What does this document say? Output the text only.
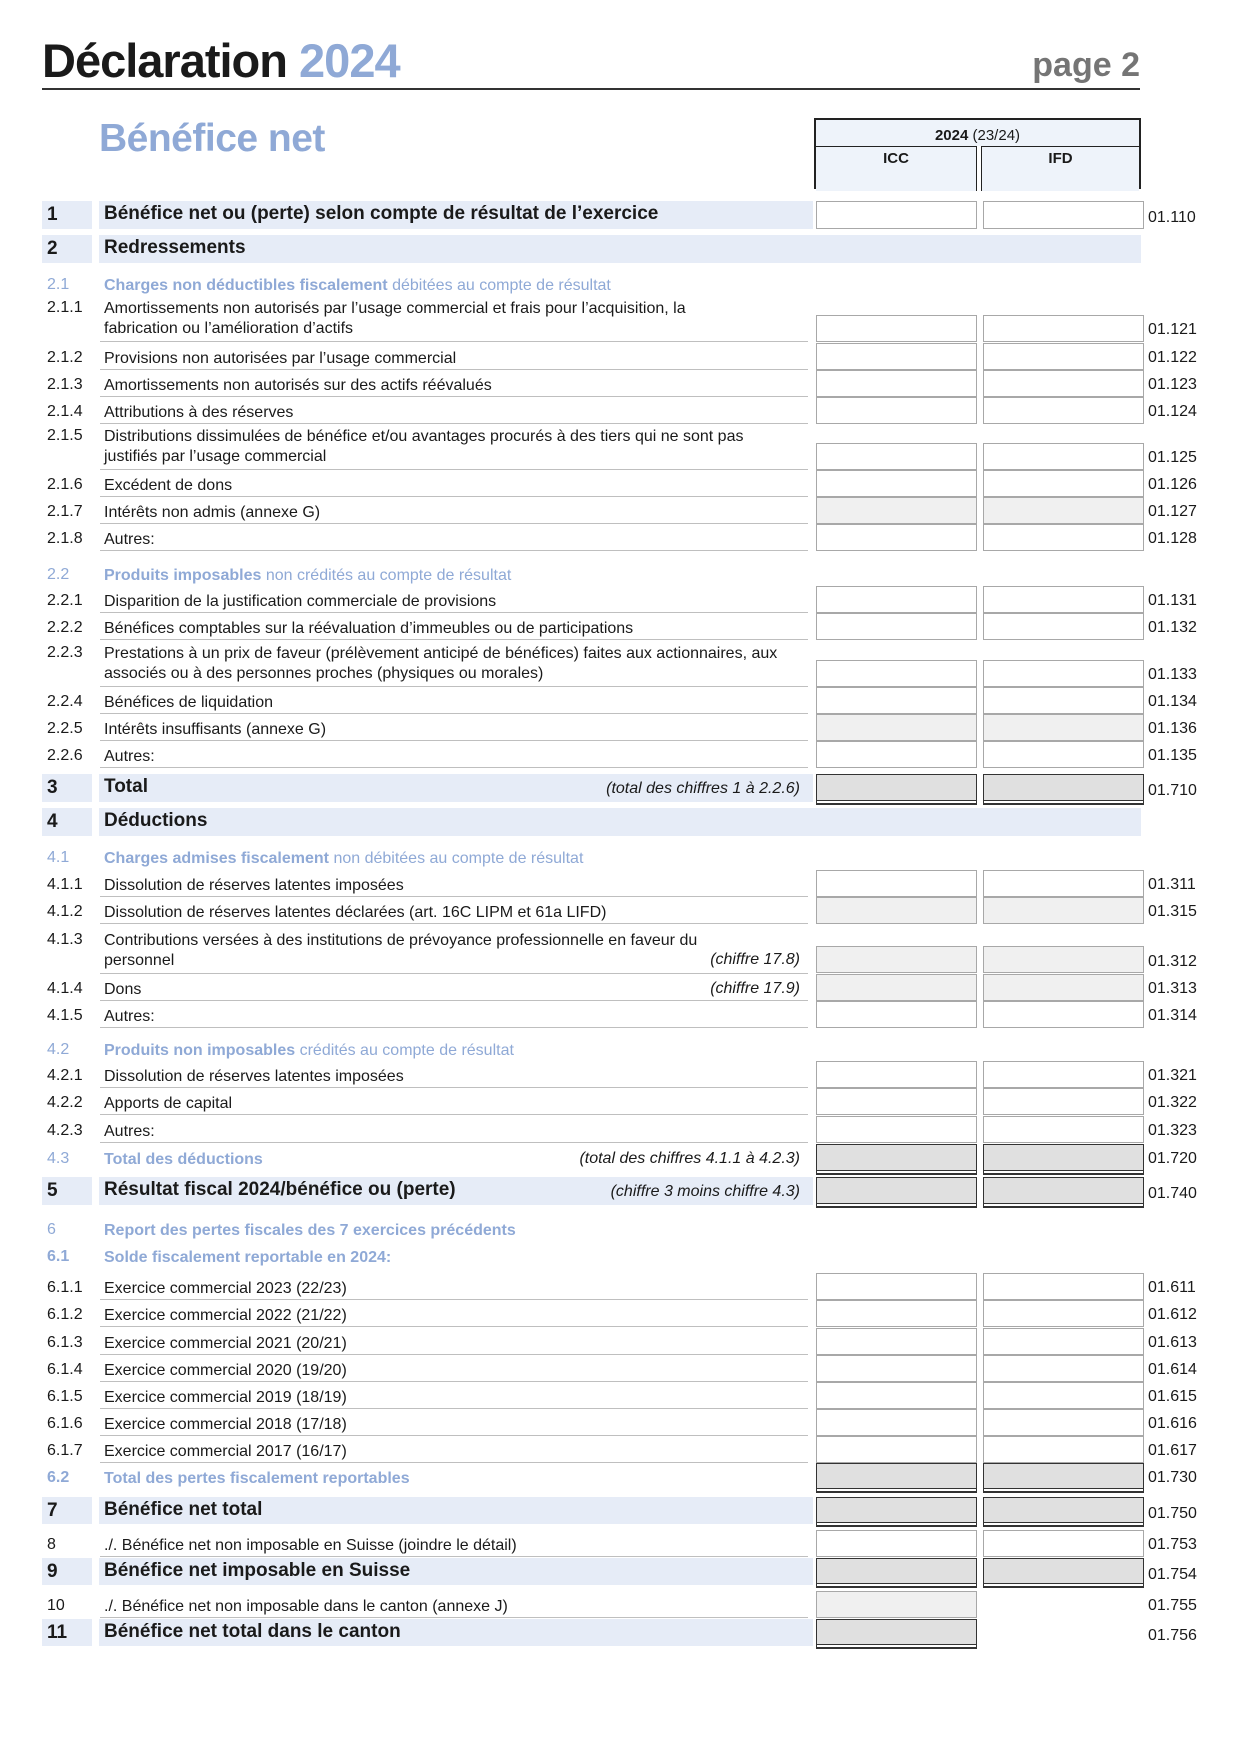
Déclaration 2024	page 2
Bénéfice net	2024 (23/24)
ICC	IFD
1 Bénéfice net ou (perte) selon compte de résultat de l’exercice	01.110
2 Redressements
2.1 Charges non déductibles fiscalement débitées au compte de résultat
2.1.1 Amortissements non autorisés par l’usage commercial et frais pour l’acquisition, la fabrication ou l’amélioration d’actifs	01.121
2.1.2 Provisions non autorisées par l’usage commercial	01.122
2.1.3 Amortissements non autorisés sur des actifs réévalués	01.123
2.1.4 Attributions à des réserves	01.124
2.1.5 Distributions dissimulées de bénéfice et/ou avantages procurés à des tiers qui ne sont pas justifiés par l’usage commercial	01.125
2.1.6 Excédent de dons	01.126
2.1.7 Intérêts non admis (annexe G)	01.127
2.1.8 Autres:	01.128
2.2 Produits imposables non crédités au compte de résultat
2.2.1 Disparition de la justification commerciale de provisions	01.131
2.2.2 Bénéfices comptables sur la réévaluation d’immeubles ou de participations	01.132
2.2.3 Prestations à un prix de faveur (prélèvement anticipé de bénéfices) faites aux actionnaires, aux associés ou à des personnes proches (physiques ou morales)	01.133
2.2.4 Bénéfices de liquidation	01.134
2.2.5 Intérêts insuffisants (annexe G)	01.136
2.2.6 Autres:	01.135
3 Total	(total des chiffres 1 à 2.2.6)	01.710
4 Déductions
4.1 Charges admises fiscalement non débitées au compte de résultat
4.1.1 Dissolution de réserves latentes imposées	01.311
4.1.2 Dissolution de réserves latentes déclarées (art. 16C LIPM et 61a LIFD)	01.315
4.1.3 Contributions versées à des institutions de prévoyance professionnelle en faveur du personnel	(chiffre 17.8)	01.312
4.1.4 Dons	(chiffre 17.9)	01.313
4.1.5 Autres:	01.314
4.2 Produits non imposables crédités au compte de résultat
4.2.1 Dissolution de réserves latentes imposées	01.321
4.2.2 Apports de capital	01.322
4.2.3 Autres:	01.323
4.3 Total des déductions	(total des chiffres 4.1.1 à 4.2.3)	01.720
5 Résultat fiscal 2024/bénéfice ou (perte)	(chiffre 3 moins chiffre 4.3)	01.740
6	Report des pertes fiscales des 7 exercices précédents
6.1 Solde fiscalement reportable en 2024:
6.1.1 Exercice commercial 2023 (22/23)	01.611
6.1.2 Exercice commercial 2022 (21/22)	01.612
6.1.3 Exercice commercial 2021 (20/21)	01.613
6.1.4 Exercice commercial 2020 (19/20)	01.614
6.1.5 Exercice commercial 2019 (18/19)	01.615
6.1.6 Exercice commercial 2018 (17/18)	01.616
6.1.7 Exercice commercial 2017 (16/17)	01.617
6.2 Total des pertes fiscalement reportables	01.730
7 Bénéfice net total	01.750
8	./. Bénéfice net non imposable en Suisse (joindre le détail)	01.753
9 Bénéfice net imposable en Suisse	01.754
10 ./. Bénéfice net non imposable dans le canton (annexe J)	01.755
11 Bénéfice net total dans le canton	01.756
